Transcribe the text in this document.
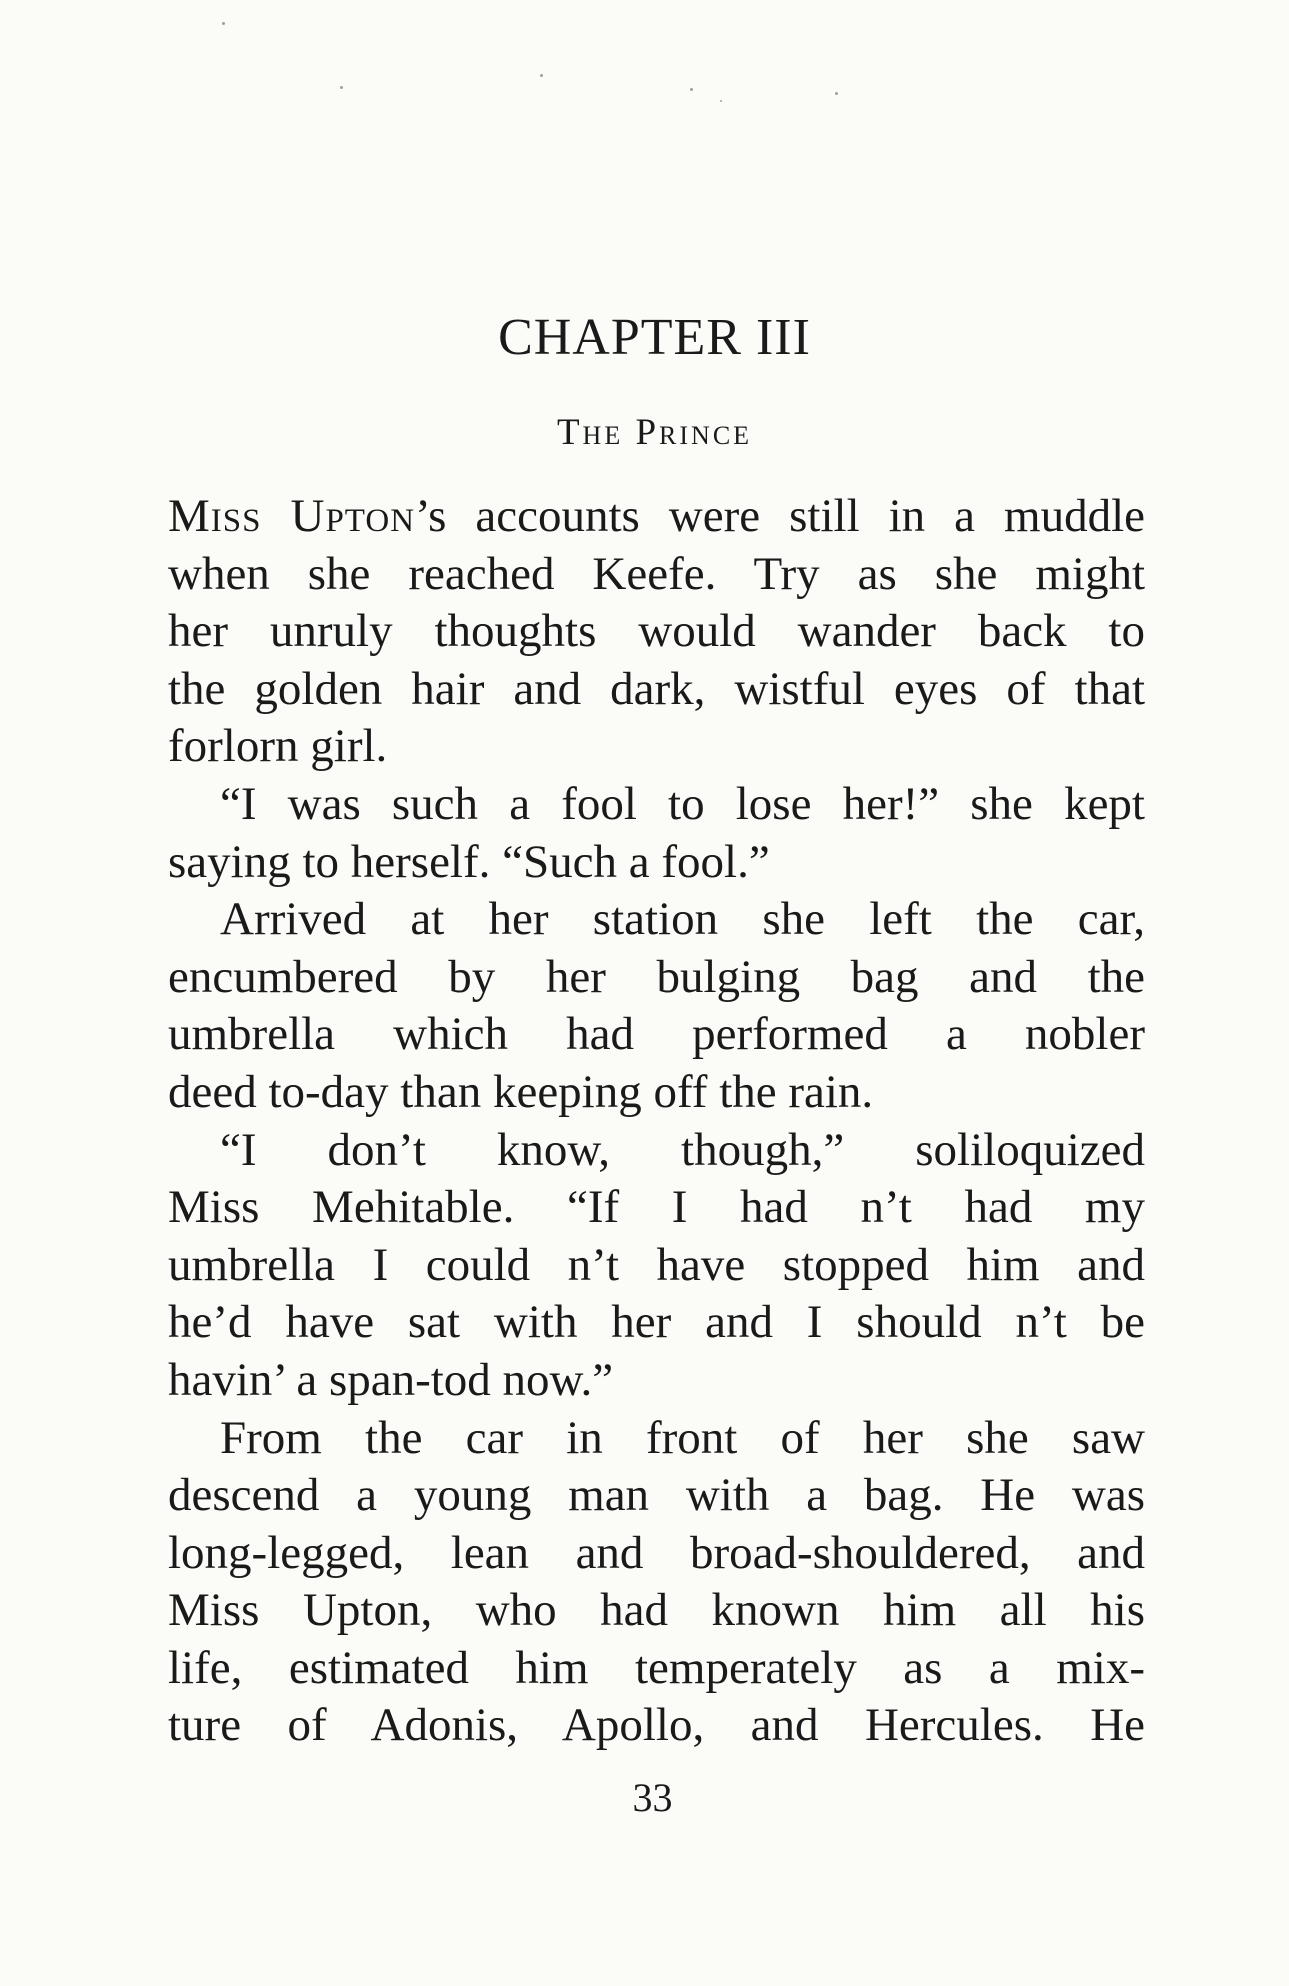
CHAPTER III
The Prince

Miss Upton’s accounts were still in a muddle
when she reached Keefe. Try as she might
her unruly thoughts would wander back to
the golden hair and dark, wistful eyes of that
forlorn girl.

“I was such a fool to lose her!” she kept
saying to herself. “Such a fool.”

Arrived at her station she left the car,
encumbered by her bulging bag and the
umbrella which had performed a nobler
deed to-day than keeping off the rain.

“I don’t know, though,” soliloquized
Miss Mehitable. “If I had n’t had my
umbrella I could n’t have stopped him and
he’d have sat with her and I should n’t be
havin’ a span-tod now.”

From the car in front of her she saw
descend a young man with a bag. He was
long-legged, lean and broad-shouldered, and
Miss Upton, who had known him all his
life, estimated him temperately as a mix-
ture of Adonis, Apollo, and Hercules. He

33
